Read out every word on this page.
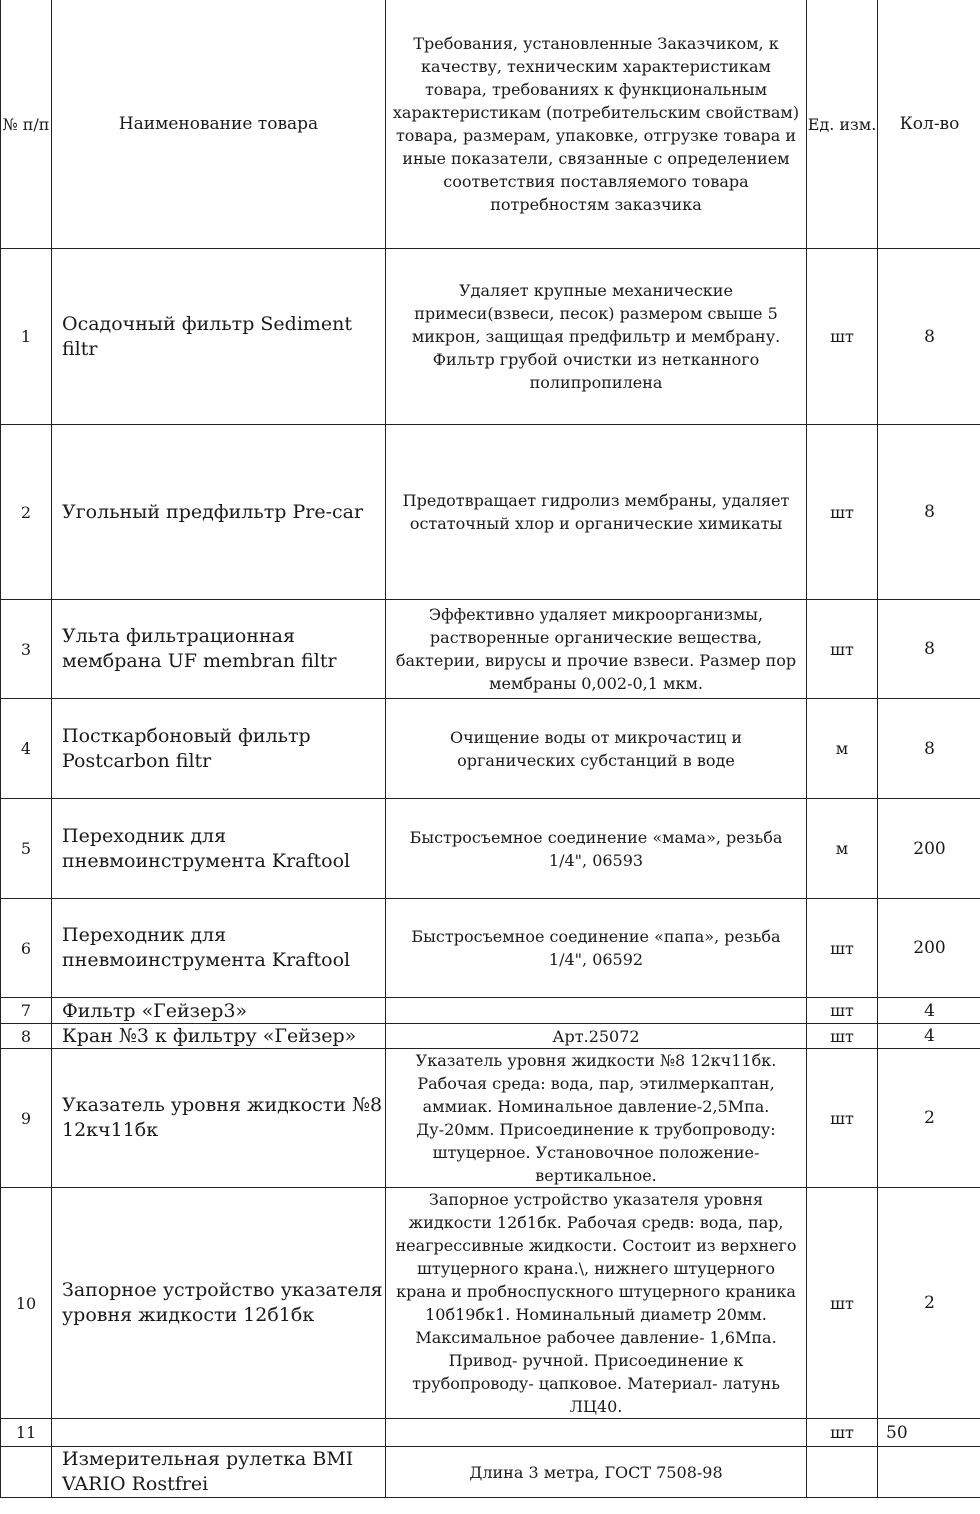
№ п/п	Наименование товара	Требования, установленные Заказчиком, к качеству, техническим характеристикам товара, требованиях к функциональным характеристикам (потребительским свойствам) товара, размерам, упаковке, отгрузке товара и иные показатели, связанные с определением соответствия поставляемого товара потребностям заказчика	Ед. изм.	Кол-во
1	Осадочный фильтр Sediment filtr	Удаляет крупные механические примеси(взвеси, песок) размером свыше 5 микрон, защищая предфильтр и мембрану. Фильтр грубой очистки из нетканного полипропилена	шт	8
2	Угольный предфильтр Pre-car	Предотвращает гидролиз мембраны, удаляет остаточный хлор и органические химикаты	шт	8
3	Ульта фильтрационная мембрана UF membran filtr	Эффективно удаляет микроорганизмы, растворенные органические вещества, бактерии, вирусы и прочие взвеси. Размер пор мембраны 0,002-0,1 мкм.	шт	8
4	Посткарбоновый фильтр Postcarbon filtr	Очищение воды от микрочастиц и органических субстанций в воде	м	8
5	Переходник для пневмоинструмента Kraftool	Быстросъемное соединение «мама», резьба 1/4", 06593	м	200
6	Переходник для пневмоинструмента Kraftool	Быстросъемное соединение «папа», резьба 1/4", 06592	шт	200
7	Фильтр «Гейзер3»		шт	4
8	Кран №3 к фильтру «Гейзер»	Арт.25072	шт	4
9	Указатель уровня жидкости №8 12кч11бк	Указатель уровня жидкости №8 12кч11бк. Рабочая среда: вода, пар, этилмеркаптан, аммиак. Номинальное давление-2,5Мпа. Ду-20мм. Присоединение к трубопроводу: штуцерное. Установочное положение-вертикальное.	шт	2
10	Запорное устройство указателя уровня жидкости 12б1бк	Запорное устройство указателя уровня жидкости 12б1бк. Рабочая средв: вода, пар, неагрессивные жидкости. Состоит из верхнего штуцерного крана.\, нижнего штуцерного крана и пробноспускного штуцерного краника 10б19бк1. Номинальный диаметр 20мм. Максимальное рабочее давление- 1,6Мпа. Привод- ручной. Присоединение к трубопроводу- цапковое. Материал- латунь ЛЦ40.	шт	2
11			шт	50
	Измерительная рулетка BMI VARIO Rostfrei	Длина 3 метра, ГОСТ 7508-98		
